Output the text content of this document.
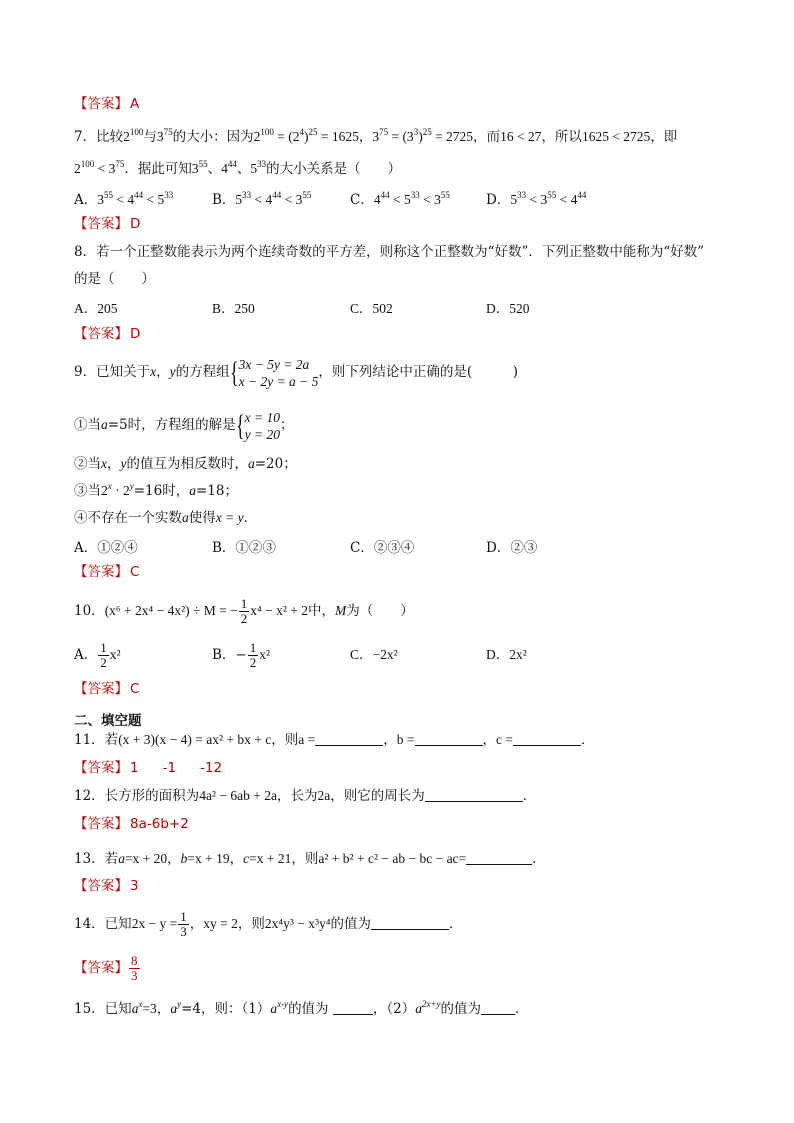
【答案】 A
7．比较$2^{100}$与$3^{75}$的大小：因为$2^{100} = (2^4)^{25} = 1625$，$3^{75} = (3^3)^{25} = 2725$，而16 < 27，所以1625 < 2725，即
$2^{100} < 3^{75}$．据此可知$3^{55}$、$4^{44}$、$5^{33}$的大小关系是（　　）
A．$3^{55} < 4^{44} < 5^{33}$	B．$5^{33} < 4^{44} < 3^{55}$	C．$4^{44} < 5^{33} < 3^{55}$	D．$5^{33} < 3^{55} < 4^{44}$
【答案】 D
8．若一个正整数能表示为两个连续奇数的平方差，则称这个正整数为“好数”．下列正整数中能称为“好数”
的是（　　）
A．205	B．250	C．502	D．520
【答案】 D
9．已知关于x，y的方程组 { 3x − 5y = 2a
x − 2y = a − 5
，则下列结论中正确的是(　　　)
①当a=5时，方程组的解是 { x = 10
y = 20
；
②当x，y的值互为相反数时，a=20；
③当$2^x \cdot 2^y=16$时，a=18；
④不存在一个实数a使得x = y．
A．①②④	B．①②③	C．②③④	D．②③
【答案】 C
10．(x⁶ + 2x⁴ − 4x²) ÷ M = − $\frac{1}{2} x^4 - x^2 + 2$中，M为（　　）
A． $\frac{1}{2} x^2$	B．− $\frac{1}{2} x^2$	C．−2x²	D．2x²
【答案】 C
二、填空题
11．若(x + 3)(x − 4) = ax² + bx + c，则a =	，b =	，c =	．
【答案】 1 -1 -12
12．长方形的面积为4a² − 6ab + 2a，长为2a，则它的周长为	．
【答案】 8a-6b+2
13．若a=x + 20，b=x + 19，c=x + 21，则a² + b² + c² − ab − bc − ac=	．
【答案】 3
14．已知$2x - y = \frac{1}{3}$ ，xy = 2，则2x⁴y³ − x³y⁴的值为	．
【答案】 $\frac{8}{3}$
15．已知$a^x=3$，$a^y=4$，则：$(1)a^{x-y}$的值为	，$(2)a^{2x+y}$的值为	．
